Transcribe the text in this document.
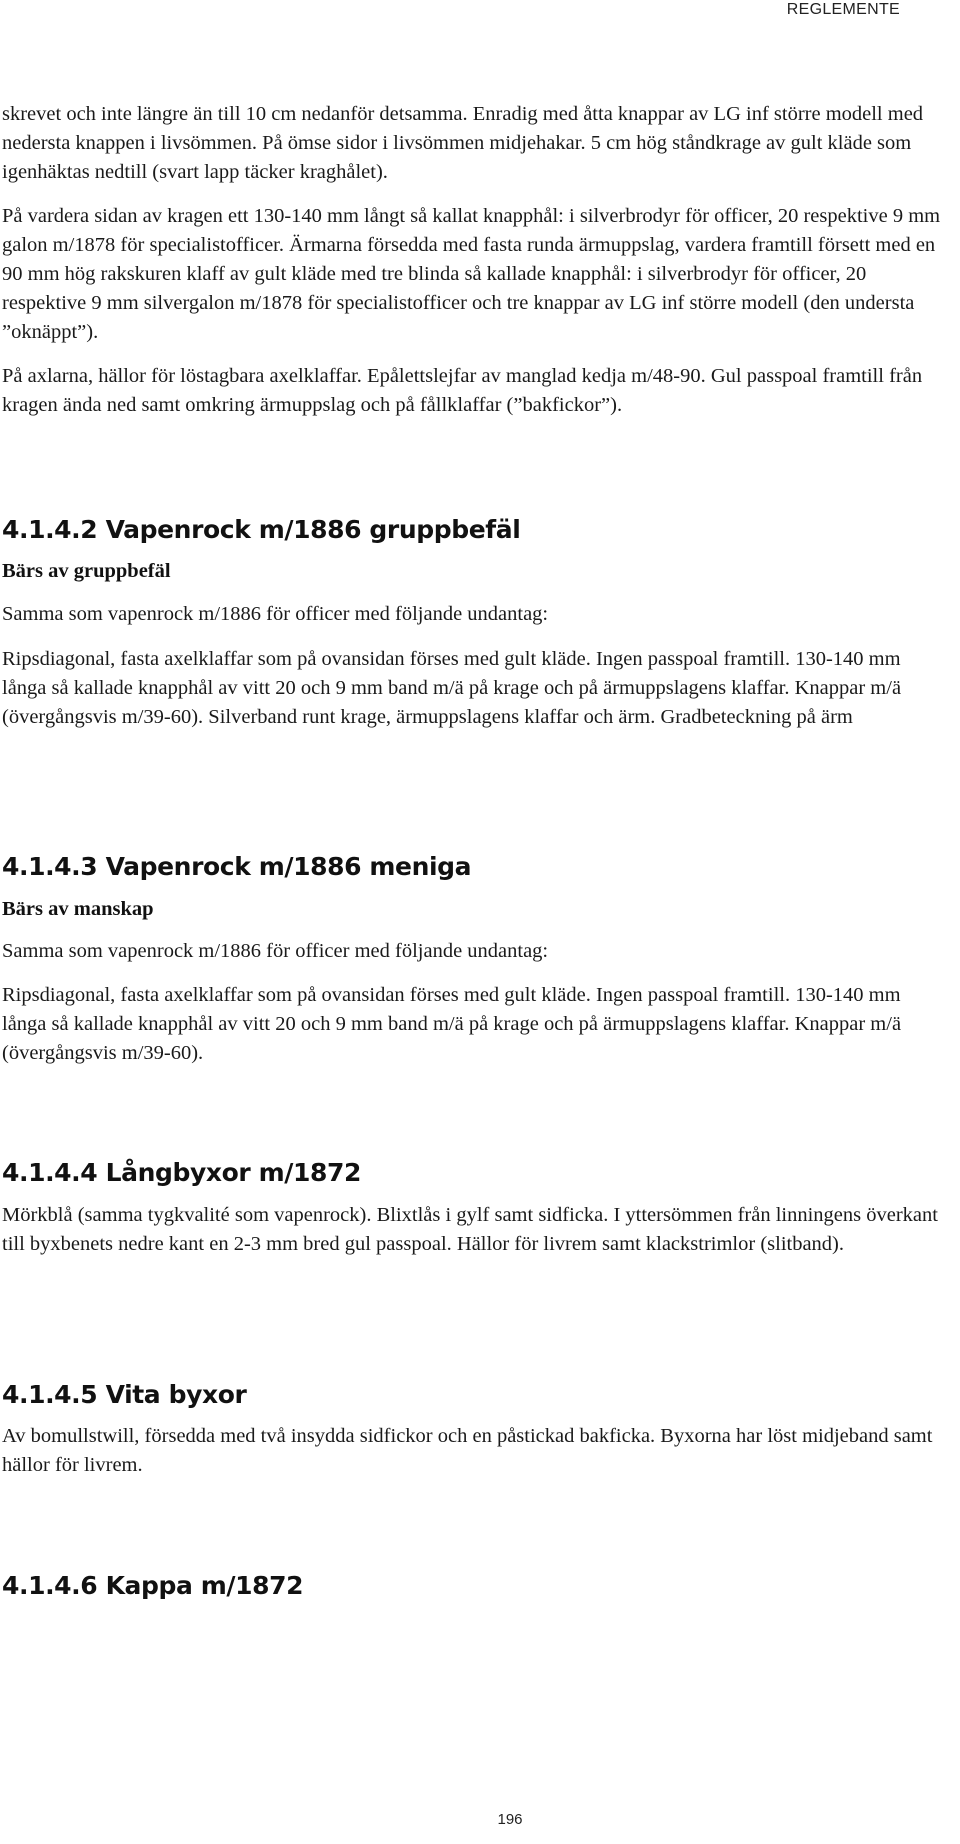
REGLEMENTE

skrevet och inte längre än till 10 cm nedanför detsamma. Enradig med åtta knappar av LG inf större modell med nedersta knappen i livsömmen. På ömse sidor i livsömmen midjehakar. 5 cm hög ståndkrage av gult kläde som igenhäktas nedtill (svart lapp täcker kraghålet).

På vardera sidan av kragen ett 130-140 mm långt så kallat knapphål: i silverbrodyr för officer, 20 respektive 9 mm galon m/1878 för specialistofficer. Ärmarna försedda med fasta runda ärmuppslag, vardera framtill försett med en 90 mm hög rakskuren klaff av gult kläde med tre blinda så kallade knapphål: i silverbrodyr för officer, 20 respektive 9 mm silvergalon m/1878 för specialistofficer och tre knappar av LG inf större modell (den understa ”oknäppt”).

På axlarna, hällor för löstagbara axelklaffar. Epålettslejfar av manglad kedja m/48-90. Gul passpoal framtill från kragen ända ned samt omkring ärmuppslag och på fållklaffar (”bakfickor”).

4.1.4.2 Vapenrock m/1886 gruppbefäl

Bärs av gruppbefäl

Samma som vapenrock m/1886 för officer med följande undantag:

Ripsdiagonal, fasta axelklaffar som på ovansidan förses med gult kläde. Ingen passpoal framtill. 130-140 mm långa så kallade knapphål av vitt 20 och 9 mm band m/ä på krage och på ärmuppslagens klaffar. Knappar m/ä (övergångsvis m/39-60). Silverband runt krage, ärmuppslagens klaffar och ärm. Gradbeteckning på ärm

4.1.4.3 Vapenrock m/1886 meniga

Bärs av manskap

Samma som vapenrock m/1886 för officer med följande undantag:

Ripsdiagonal, fasta axelklaffar som på ovansidan förses med gult kläde. Ingen passpoal framtill. 130-140 mm långa så kallade knapphål av vitt 20 och 9 mm band m/ä på krage och på ärmuppslagens klaffar. Knappar m/ä (övergångsvis m/39-60).

4.1.4.4 Långbyxor m/1872

Mörkblå (samma tygkvalité som vapenrock). Blixtlås i gylf samt sidficka. I yttersömmen från linningens överkant till byxbenets nedre kant en 2-3 mm bred gul passpoal. Hällor för livrem samt klackstrimlor (slitband).

4.1.4.5 Vita byxor

Av bomullstwill, försedda med två insydda sidfickor och en påstickad bakficka. Byxorna har löst midjeband samt hällor för livrem.

4.1.4.6 Kappa m/1872
196
